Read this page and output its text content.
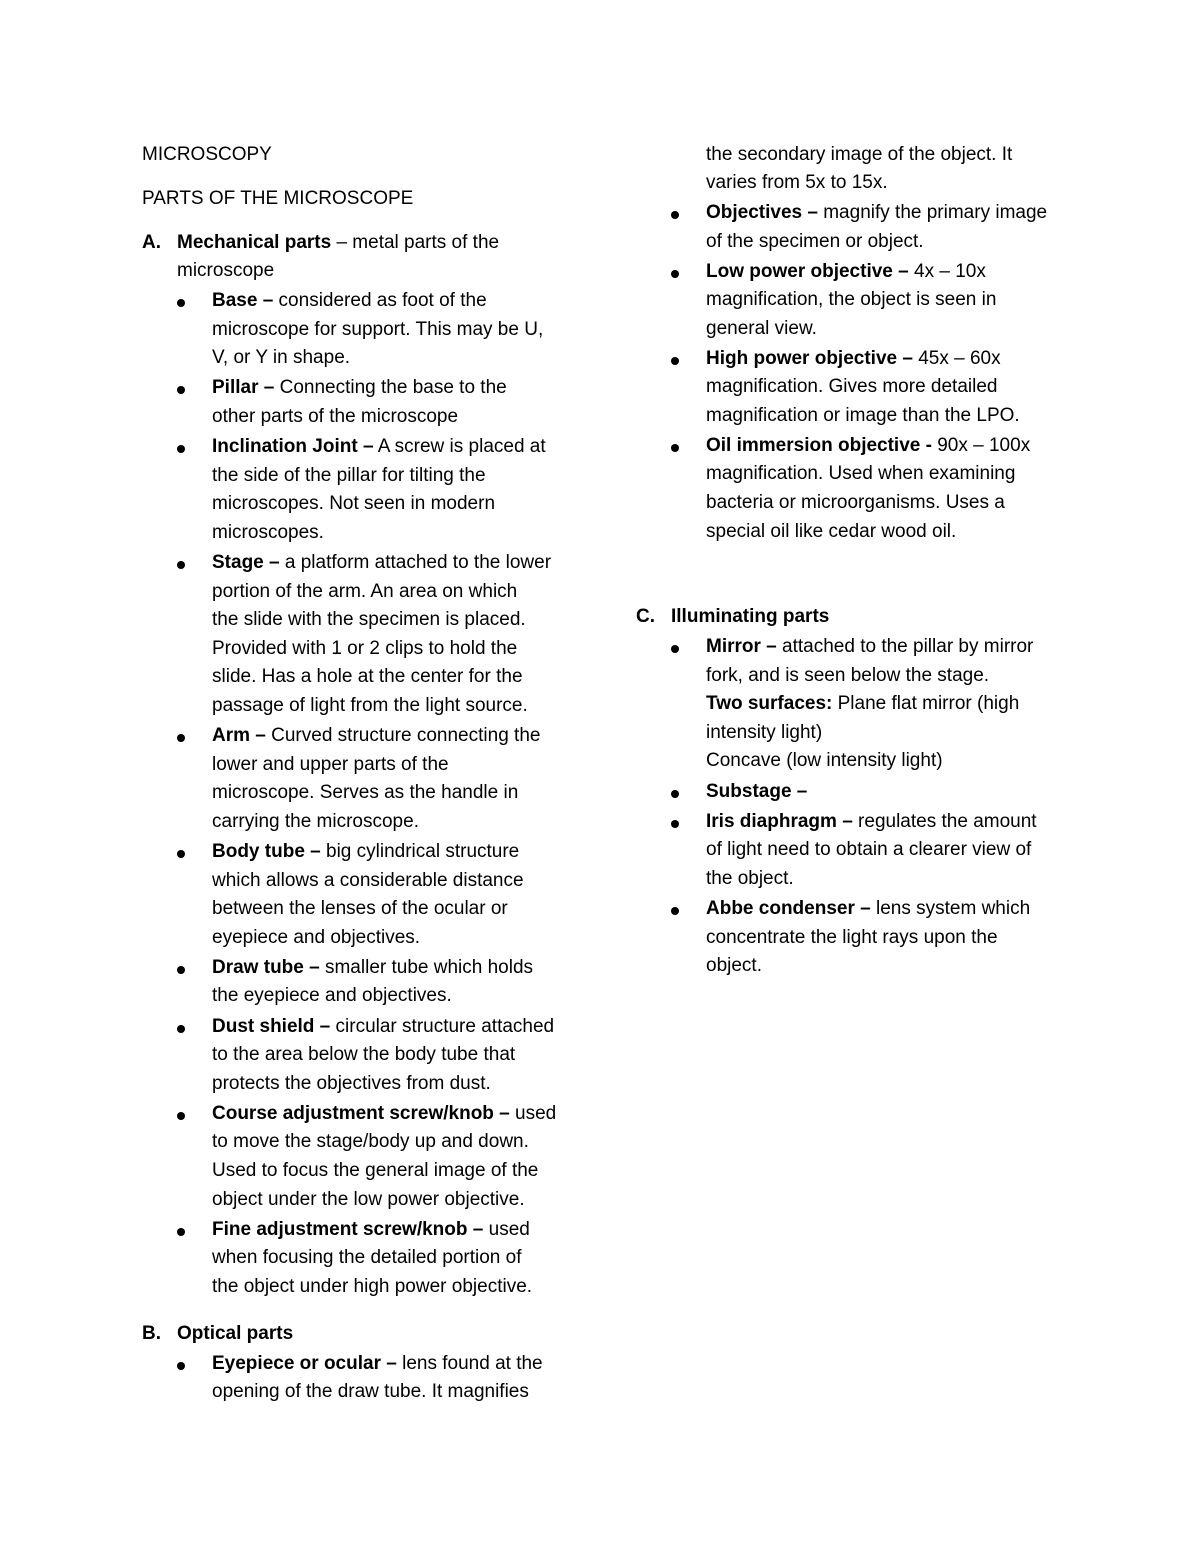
MICROSCOPY
PARTS OF THE MICROSCOPE
A. Mechanical parts – metal parts of the
microscope
Base – considered as foot of the
microscope for support. This may be U,
V, or Y in shape.
Pillar – Connecting the base to the
other parts of the microscope
Inclination Joint – A screw is placed at
the side of the pillar for tilting the
microscopes. Not seen in modern
microscopes.
Stage – a platform attached to the lower
portion of the arm. An area on which
the slide with the specimen is placed.
Provided with 1 or 2 clips to hold the
slide. Has a hole at the center for the
passage of light from the light source.
Arm – Curved structure connecting the
lower and upper parts of the
microscope. Serves as the handle in
carrying the microscope.
Body tube – big cylindrical structure
which allows a considerable distance
between the lenses of the ocular or
eyepiece and objectives.
Draw tube – smaller tube which holds
the eyepiece and objectives.
Dust shield – circular structure attached
to the area below the body tube that
protects the objectives from dust.
Course adjustment screw/knob – used
to move the stage/body up and down.
Used to focus the general image of the
object under the low power objective.
Fine adjustment screw/knob – used
when focusing the detailed portion of
the object under high power objective.
B. Optical parts
Eyepiece or ocular – lens found at the
opening of the draw tube. It magnifies
the secondary image of the object. It
varies from 5x to 15x.
Objectives – magnify the primary image
of the specimen or object.
Low power objective – 4x – 10x
magnification, the object is seen in
general view.
High power objective – 45x – 60x
magnification. Gives more detailed
magnification or image than the LPO.
Oil immersion objective - 90x – 100x
magnification. Used when examining
bacteria or microorganisms. Uses a
special oil like cedar wood oil.
C. Illuminating parts
Mirror – attached to the pillar by mirror
fork, and is seen below the stage.
Two surfaces: Plane flat mirror (high
intensity light)
Concave (low intensity light)
Substage –
Iris diaphragm – regulates the amount
of light need to obtain a clearer view of
the object.
Abbe condenser – lens system which
concentrate the light rays upon the
object.
